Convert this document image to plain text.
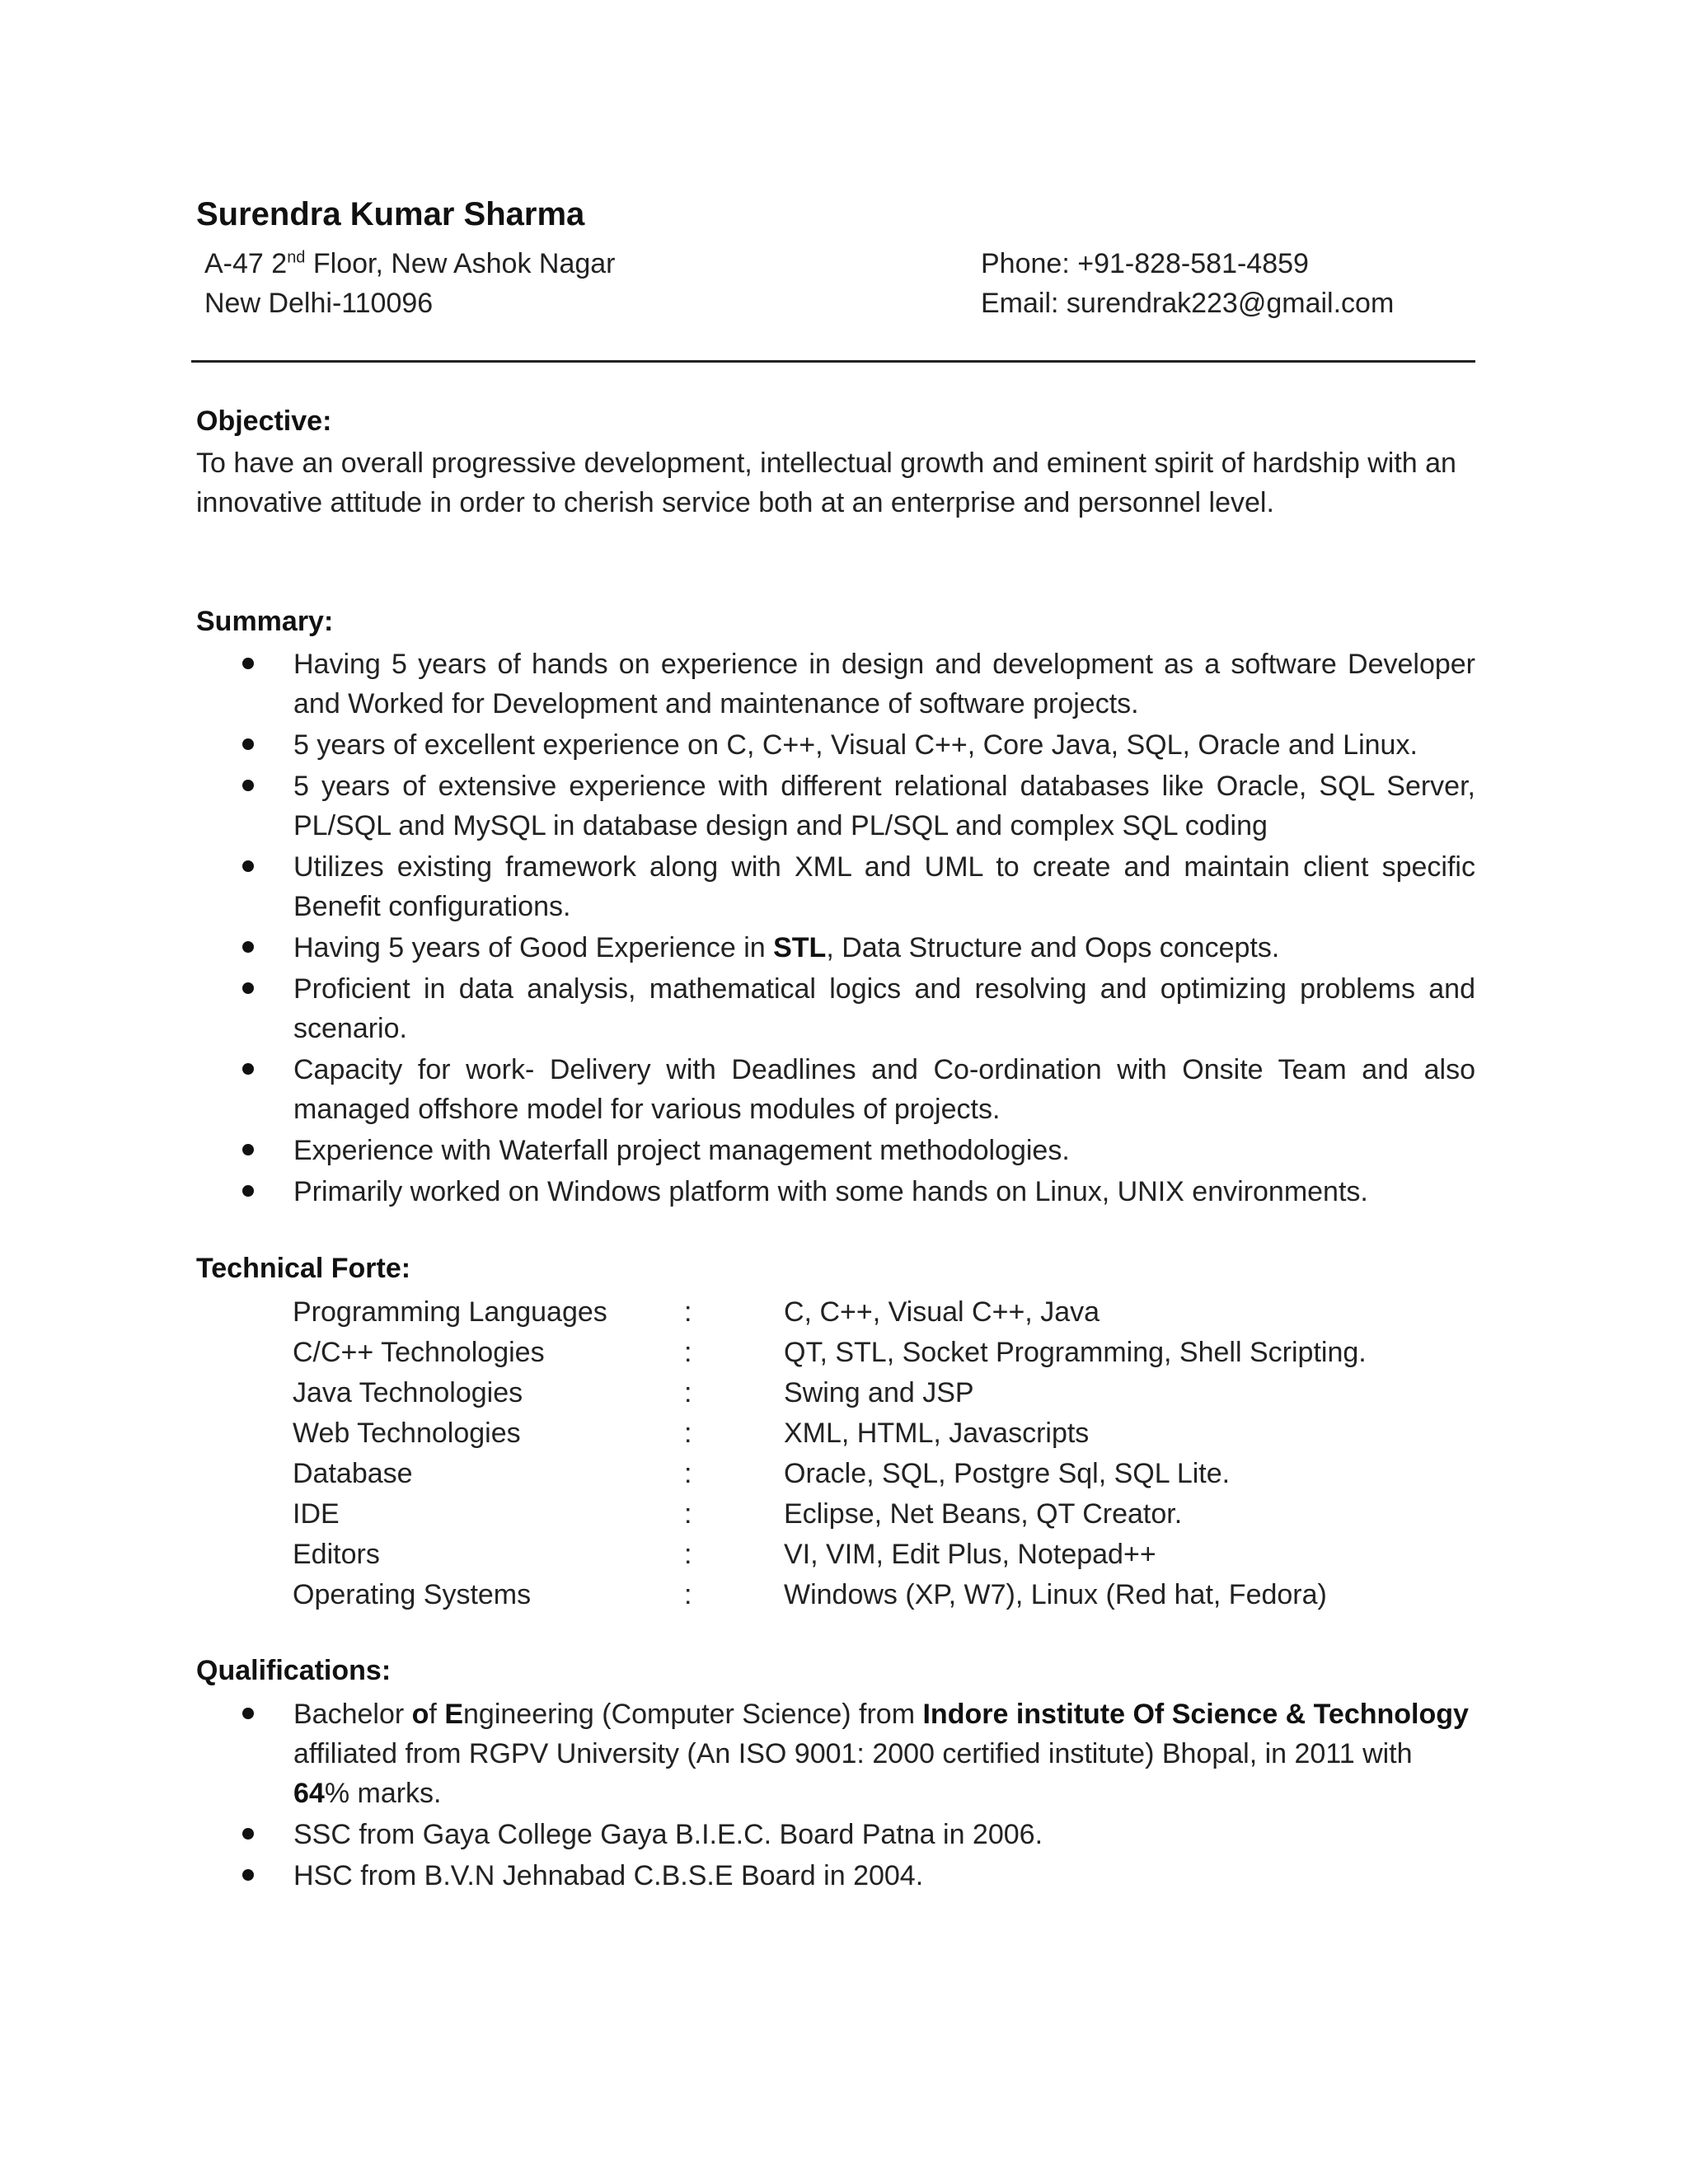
Surendra Kumar Sharma
A-47 2nd Floor, New Ashok Nagar
New Delhi-110096
Phone: +91-828-581-4859
Email: surendrak223@gmail.com
Objective:

To have an overall progressive development, intellectual growth and eminent spirit of hardship with an innovative attitude in order to cherish service both at an enterprise and personnel level.

Summary:
Having 5 years of hands on experience in design and development as a software Developer and Worked for Development and maintenance of software projects.
5 years of excellent experience on C, C++, Visual C++, Core Java, SQL, Oracle and Linux.
5 years of extensive experience with different relational databases like Oracle, SQL Server, PL/SQL and MySQL in database design and PL/SQL and complex SQL coding
Utilizes existing framework along with XML and UML to create and maintain client specific Benefit configurations.
Having 5 years of Good Experience in STL, Data Structure and Oops concepts.
Proficient in data analysis, mathematical logics and resolving and optimizing problems and scenario.
Capacity for work- Delivery with Deadlines and Co-ordination with Onsite Team and also managed offshore model for various modules of projects.
Experience with Waterfall project management methodologies.
Primarily worked on Windows platform with some hands on Linux, UNIX environments.
Technical Forte:
Programming Languages	:	C, C++, Visual C++, Java
C/C++ Technologies	:	QT, STL, Socket Programming, Shell Scripting.
Java Technologies	:	Swing and JSP
Web Technologies	:	XML, HTML, Javascripts
Database	:	Oracle, SQL, Postgre Sql, SQL Lite.
IDE	:	Eclipse, Net Beans, QT Creator.
Editors	:	VI, VIM, Edit Plus, Notepad++
Operating Systems	:	Windows (XP, W7), Linux (Red hat, Fedora)
Qualifications:
Bachelor of Engineering (Computer Science) from Indore institute Of Science & Technology affiliated from RGPV University (An ISO 9001: 2000 certified institute) Bhopal, in 2011 with 64% marks.
SSC from Gaya College Gaya B.I.E.C. Board Patna in 2006.
HSC from B.V.N Jehnabad C.B.S.E Board in 2004.
